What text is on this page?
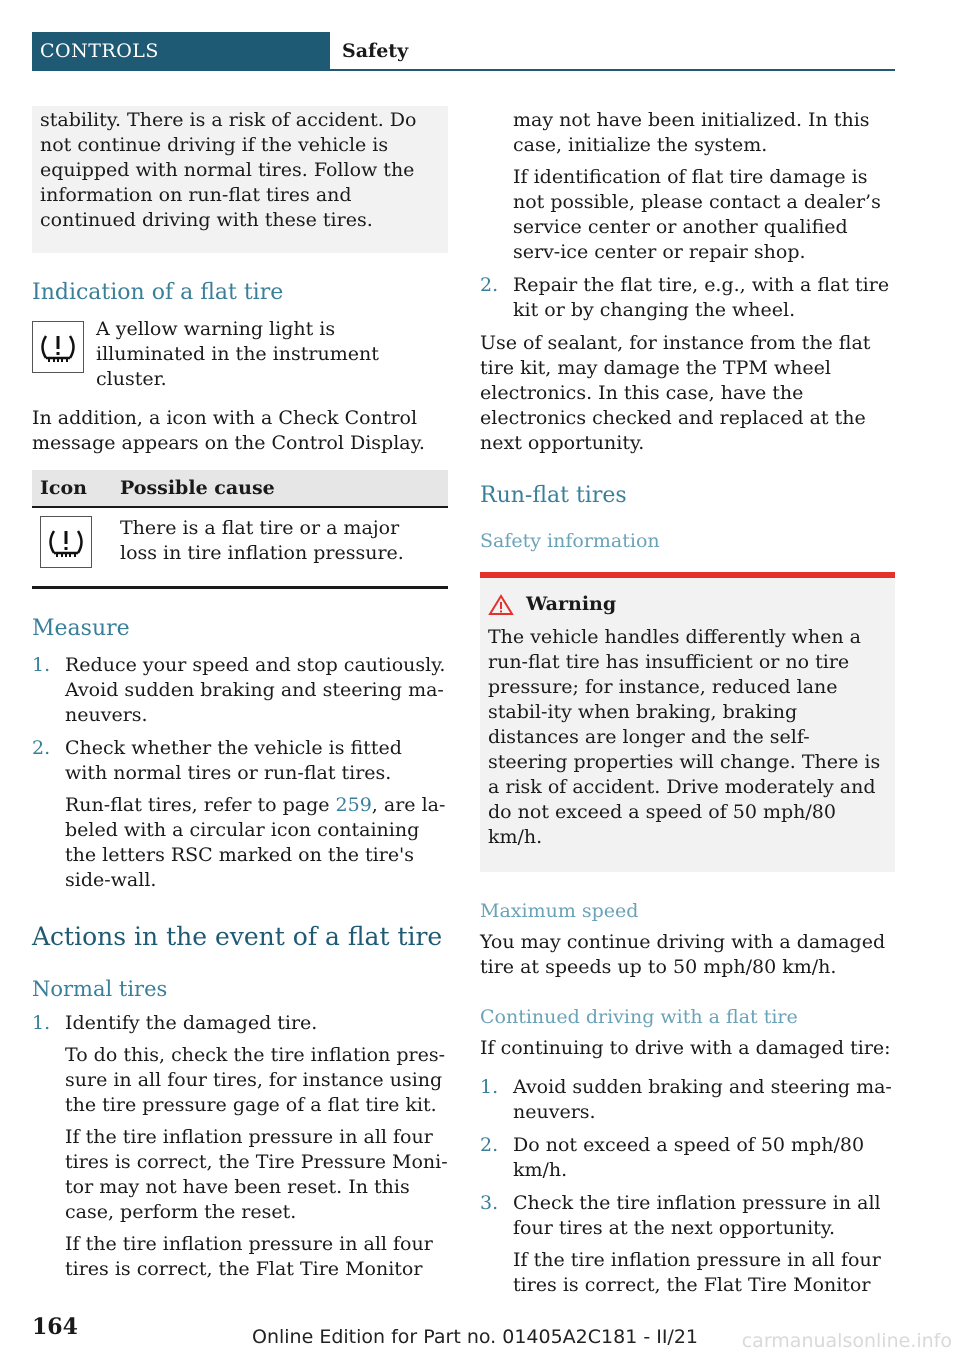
CONTROLS	Safety

stability. There is a risk of accident. Do not continue driving if the vehicle is equipped with normal tires. Follow the information on run-flat tires and continued driving with these tires.

Indication of a flat tire

A yellow warning light is illuminated in the instrument cluster.

In addition, a icon with a Check Control message appears on the Control Display.

Icon	Possible cause

	There is a flat tire or a major loss in tire inflation pressure.
Measure
1. Reduce your speed and stop cautiously. Avoid sudden braking and steering ma-neuvers.

2. Check whether the vehicle is fitted with normal tires or run-flat tires.

Run-flat tires, refer to page 259, are la-beled with a circular icon containing the letters RSC marked on the tire's side-wall.

Actions in the event of a flat tire
Normal tires
1. Identify the damaged tire.

To do this, check the tire inflation pres-sure in all four tires, for instance using the tire pressure gage of a flat tire kit.

If the tire inflation pressure in all four tires is correct, the Tire Pressure Moni-tor may not have been reset. In this case, perform the reset.

If the tire inflation pressure in all four tires is correct, the Flat Tire Monitor

may not have been initialized. In this case, initialize the system.

If identification of flat tire damage is not possible, please contact a dealer’s service center or another qualified serv-ice center or repair shop.

2. Repair the flat tire, e.g., with a flat tire kit or by changing the wheel.

Use of sealant, for instance from the flat tire kit, may damage the TPM wheel electronics. In this case, have the electronics checked and replaced at the next opportunity.

Run-flat tires
Safety information
Warning

The vehicle handles differently when a run-flat tire has insufficient or no tire pressure; for instance, reduced lane stabil-ity when braking, braking distances are longer and the self-steering properties will change. There is a risk of accident. Drive moderately and do not exceed a speed of 50 mph/80 km/h.

Maximum speed

You may continue driving with a damaged tire at speeds up to 50 mph/80 km/h.

Continued driving with a flat tire

If continuing to drive with a damaged tire:

1. Avoid sudden braking and steering ma-neuvers.

2. Do not exceed a speed of 50 mph/80 km/h.

3. Check the tire inflation pressure in all four tires at the next opportunity.

If the tire inflation pressure in all four tires is correct, the Flat Tire Monitor

164	Online Edition for Part no. 01405A2C181 - II/21 carmanualsonline.info
